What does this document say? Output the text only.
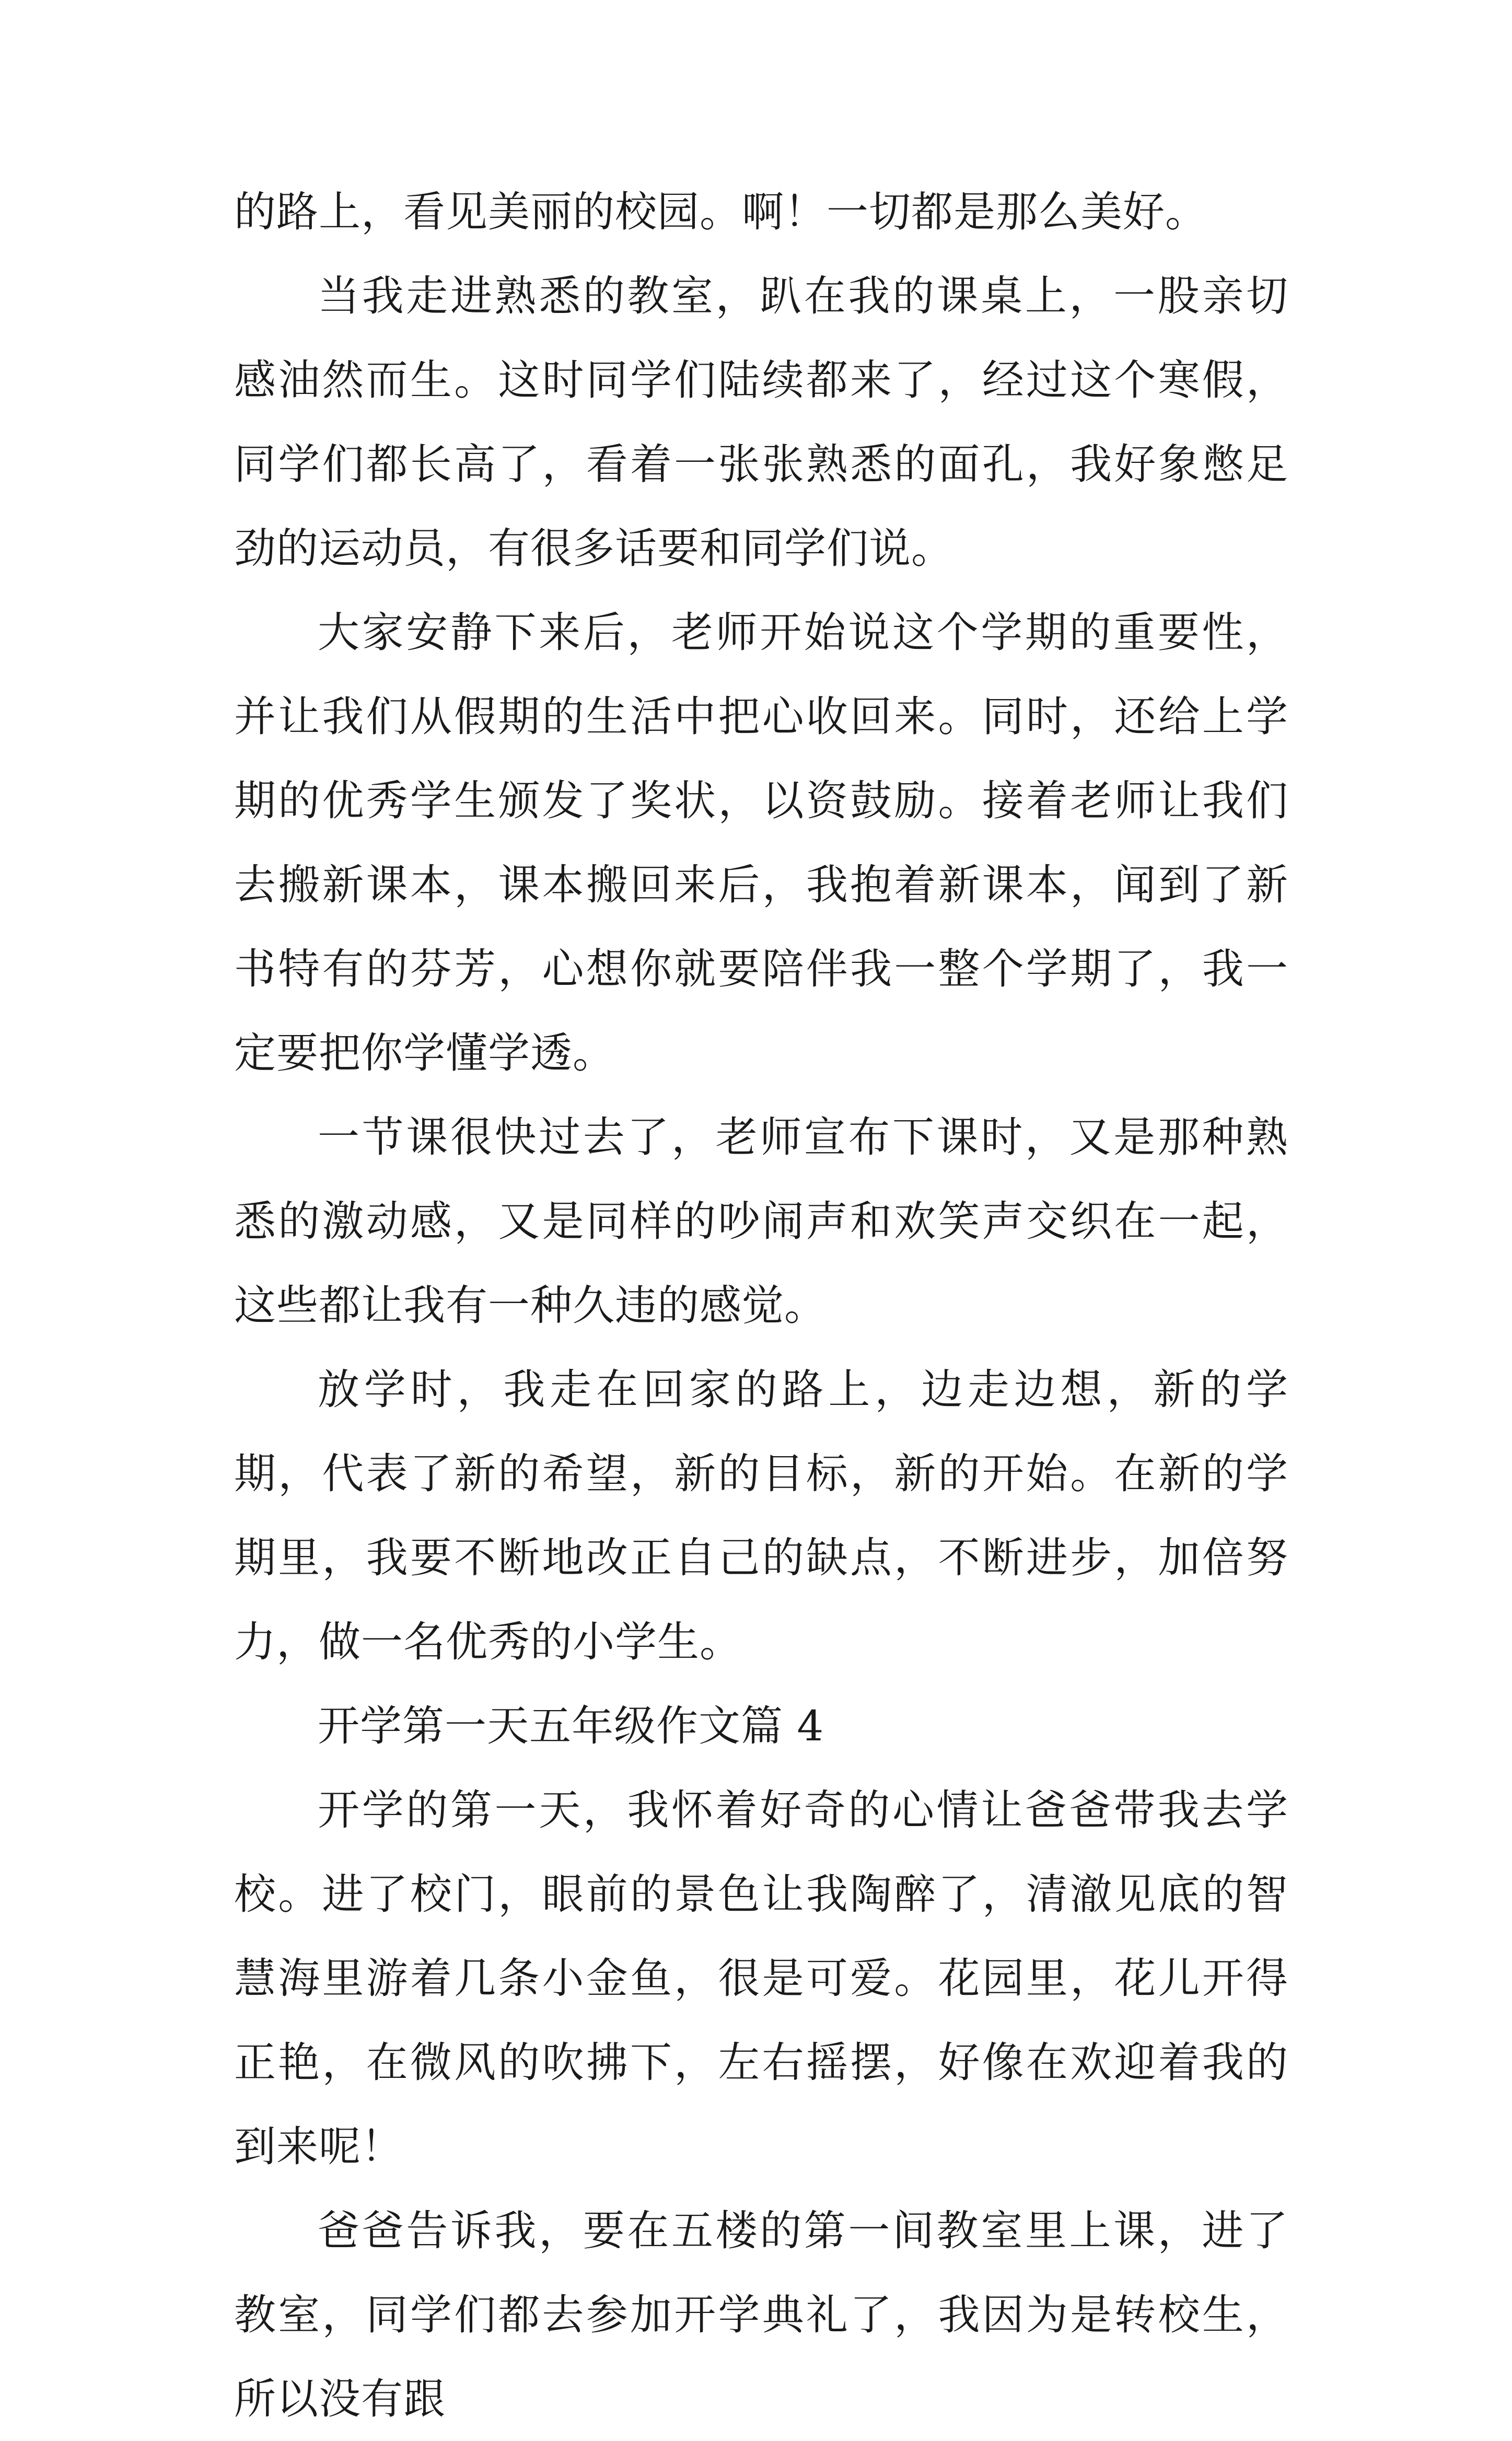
的路上，看见美丽的校园。啊！一切都是那么美好。

当我走进熟悉的教室，趴在我的课桌上，一股亲切感油然而生。这时同学们陆续都来了，经过这个寒假，同学们都长高了，看着一张张熟悉的面孔，我好象憋足劲的运动员，有很多话要和同学们说。

大家安静下来后，老师开始说这个学期的重要性，并让我们从假期的生活中把心收回来。同时，还给上学期的优秀学生颁发了奖状，以资鼓励。接着老师让我们去搬新课本，课本搬回来后，我抱着新课本，闻到了新书特有的芬芳，心想你就要陪伴我一整个学期了，我一定要把你学懂学透。

一节课很快过去了，老师宣布下课时，又是那种熟悉的激动感，又是同样的吵闹声和欢笑声交织在一起，这些都让我有一种久违的感觉。

放学时，我走在回家的路上，边走边想，新的学期，代表了新的希望，新的目标，新的开始。在新的学期里，我要不断地改正自己的缺点，不断进步，加倍努力，做一名优秀的小学生。

开学第一天五年级作文篇 4

开学的第一天，我怀着好奇的心情让爸爸带我去学校。进了校门，眼前的景色让我陶醉了，清澈见底的智慧海里游着几条小金鱼，很是可爱。花园里，花儿开得正艳，在微风的吹拂下，左右摇摆，好像在欢迎着我的到来呢！

爸爸告诉我，要在五楼的第一间教室里上课，进了教室，同学们都去参加开学典礼了，我因为是转校生，所以没有跟
